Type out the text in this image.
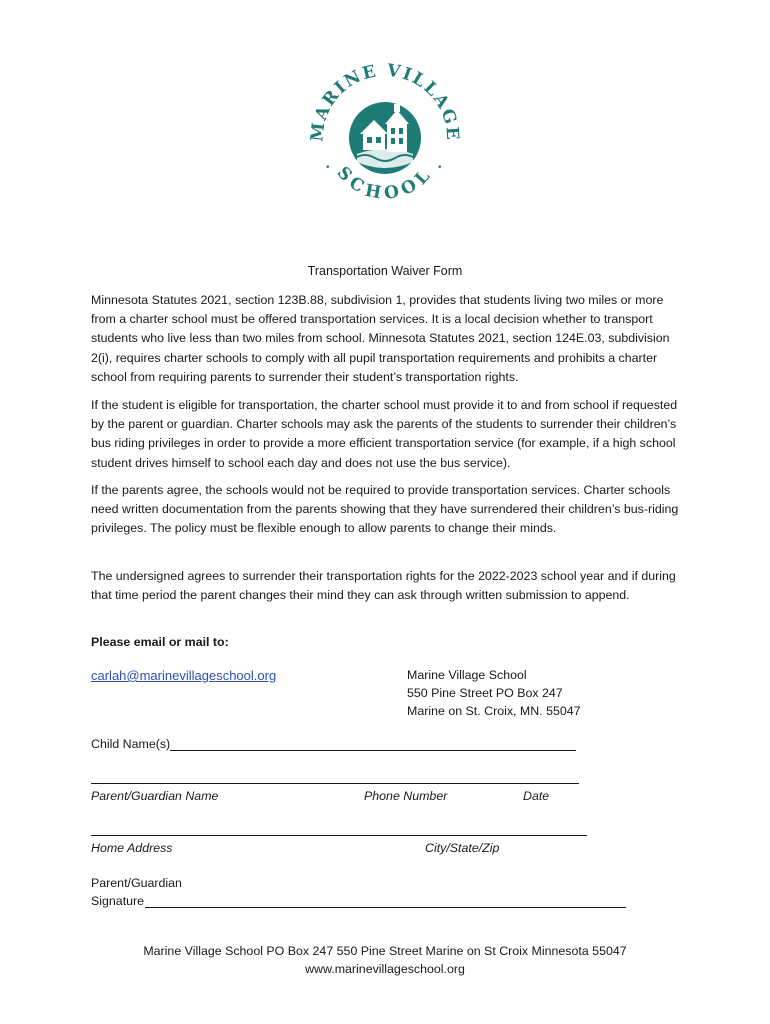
MARINE VILLAGE
SCHOOL
•	•
Transportation Waiver Form

Minnesota Statutes 2021, section 123B.88, subdivision 1, provides that students living two miles or more from a charter school must be offered transportation services. It is a local decision whether to transport students who live less than two miles from school. Minnesota Statutes 2021, section 124E.03, subdivision 2(i), requires charter schools to comply with all pupil transportation requirements and prohibits a charter school from requiring parents to surrender their student’s transportation rights.

If the student is eligible for transportation, the charter school must provide it to and from school if requested by the parent or guardian. Charter schools may ask the parents of the students to surrender their children’s bus riding privileges in order to provide a more efficient transportation service (for example, if a high school student drives himself to school each day and does not use the bus service).

If the parents agree, the schools would not be required to provide transportation services. Charter schools need written documentation from the parents showing that they have surrendered their children’s bus-riding privileges. The policy must be flexible enough to allow parents to change their minds.

The undersigned agrees to surrender their transportation rights for the 2022-2023 school year and if during that time period the parent changes their mind they can ask through written submission to append.

Please email or mail to:
carlah@marinevillageschool.org	Marine Village School
550 Pine Street PO Box 247
Marine on St. Croix, MN. 55047
Child Name(s)
Parent/Guardian Name	Phone Number	Date
Home Address	City/State/Zip
Parent/Guardian
Signature
Marine Village School PO Box 247 550 Pine Street Marine on St Croix Minnesota 55047
www.marinevillageschool.org
